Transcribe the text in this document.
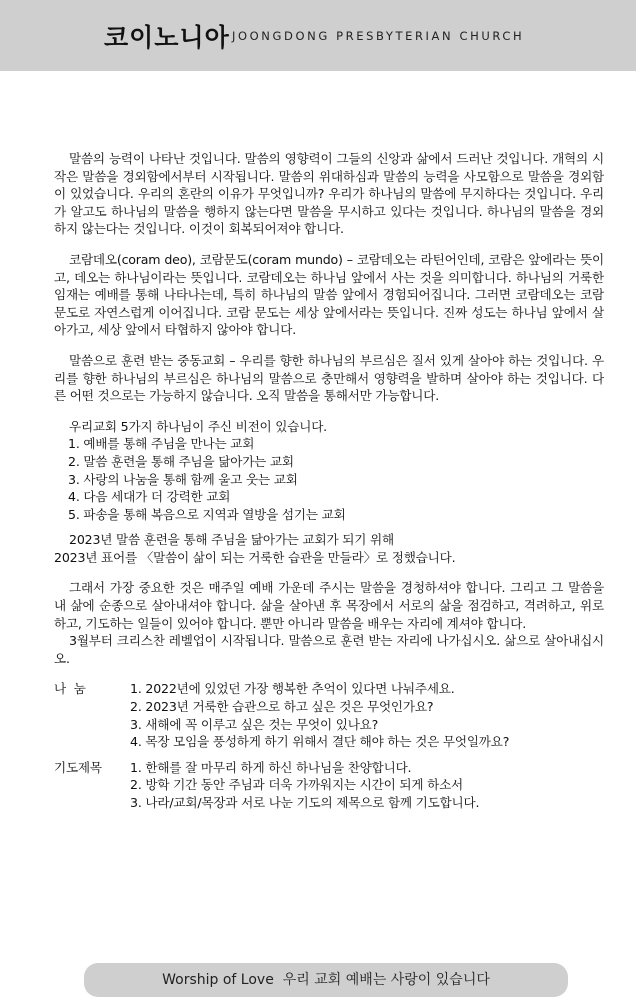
코이노니아 JOONGDONG PRESBYTERIAN CHURCH

말씀의 능력이 나타난 것입니다. 말씀의 영향력이 그들의 신앙과 삶에서 드러난 것입니다. 개혁의 시작은 말씀을 경외함에서부터 시작됩니다. 말씀의 위대하심과 말씀의 능력을 사모함으로 말씀을 경외함이 있었습니다. 우리의 혼란의 이유가 무엇입니까? 우리가 하나님의 말씀에 무지하다는 것입니다. 우리가 알고도 하나님의 말씀을 행하지 않는다면 말씀을 무시하고 있다는 것입니다. 하나님의 말씀을 경외하지 않는다는 것입니다. 이것이 회복되어져야 합니다.

코람데오(coram deo), 코람문도(coram mundo) – 코람데오는 라틴어인데, 코람은 앞에라는 뜻이고, 데오는 하나님이라는 뜻입니다. 코람데오는 하나님 앞에서 사는 것을 의미합니다. 하나님의 거룩한 임재는 예배를 통해 나타나는데, 특히 하나님의 말씀 앞에서 경험되어집니다. 그러면 코람데오는 코람문도로 자연스럽게 이어집니다. 코람 문도는 세상 앞에서라는 뜻입니다. 진짜 성도는 하나님 앞에서 살아가고, 세상 앞에서 타협하지 않아야 합니다.

말씀으로 훈련 받는 중동교회 – 우리를 향한 하나님의 부르심은 질서 있게 살아야 하는 것입니다. 우리를 향한 하나님의 부르심은 하나님의 말씀으로 충만해서 영향력을 발하며 살아야 하는 것입니다. 다른 어떤 것으로는 가능하지 않습니다. 오직 말씀을 통해서만 가능합니다.

우리교회 5가지 하나님이 주신 비전이 있습니다.
1. 예배를 통해 주님을 만나는 교회
2. 말씀 훈련을 통해 주님을 닮아가는 교회
3. 사랑의 나눔을 통해 함께 울고 웃는 교회
4. 다음 세대가 더 강력한 교회
5. 파송을 통해 복음으로 지역과 열방을 섬기는 교회
2023년 말씀 훈련을 통해 주님을 닮아가는 교회가 되기 위해
2023년 표어를 〈말씀이 삶이 되는 거룩한 습관을 만들라〉로 정했습니다.

그래서 가장 중요한 것은 매주일 예배 가운데 주시는 말씀을 경청하셔야 합니다. 그리고 그 말씀을 내 삶에 순종으로 살아내셔야 합니다. 삶을 살아낸 후 목장에서 서로의 삶을 점검하고, 격려하고, 위로하고, 기도하는 일들이 있어야 합니다. 뿐만 아니라 말씀을 배우는 자리에 계셔야 합니다.

3월부터 크리스찬 레벨업이 시작됩니다. 말씀으로 훈련 받는 자리에 나가십시오. 삶으로 살아내십시오.

나  눔	1. 2022년에 있었던 가장 행복한 추억이 있다면 나눠주세요.
2. 2023년 거룩한 습관으로 하고 싶은 것은 무엇인가요?
3. 새해에 꼭 이루고 싶은 것는 무엇이 있나요?
4. 목장 모임을 풍성하게 하기 위해서 결단 해야 하는 것은 무엇일까요?
기도제목	1. 한해를 잘 마무리 하게 하신 하나님을 찬양합니다.
2. 방학 기간 동안 주님과 더욱 가까워지는 시간이 되게 하소서
3. 나라/교회/목장과 서로 나눈 기도의 제목으로 함께 기도합니다.
Worship of Love  우리 교회 예배는 사랑이 있습니다
